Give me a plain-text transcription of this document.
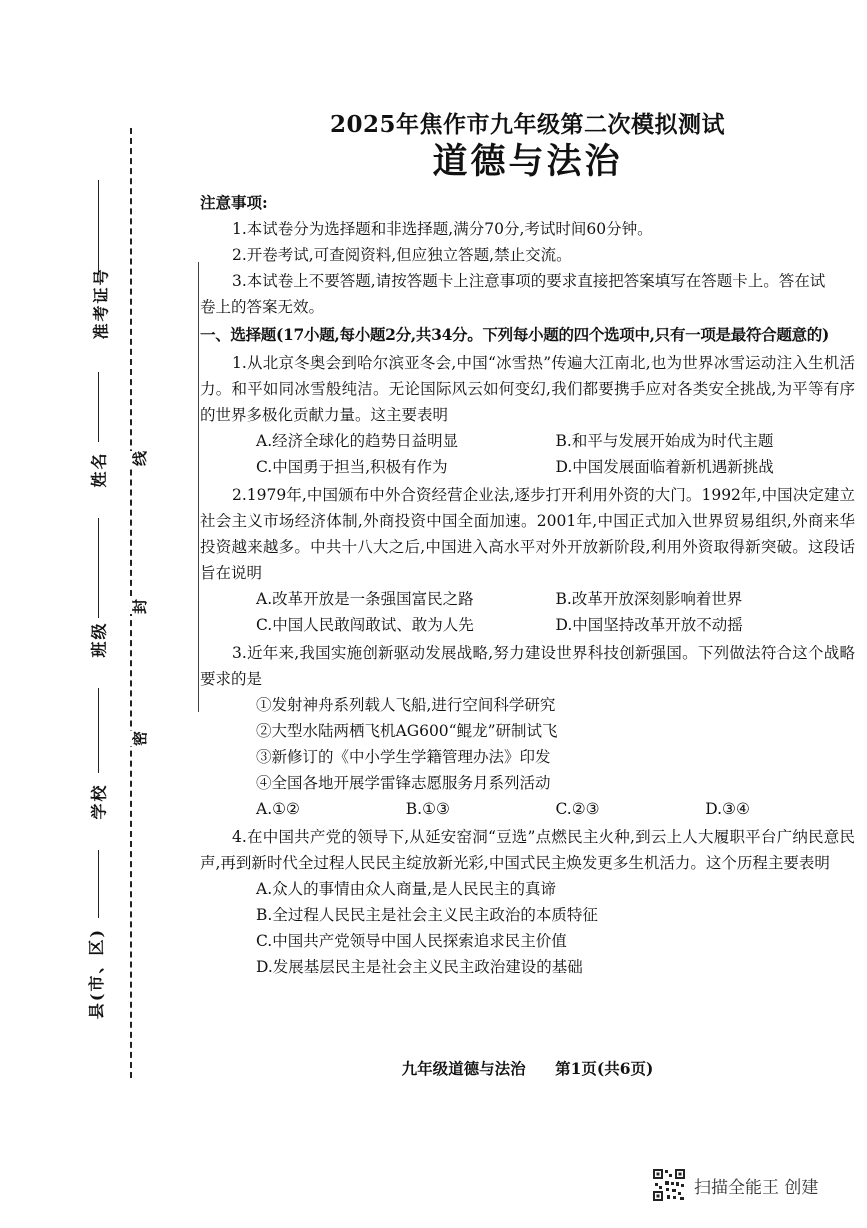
准考证号
姓名
班级
学校
县(市、区)
线
封
密
2025年焦作市九年级第二次模拟测试
道德与法治

注意事项:

1.本试卷分为选择题和非选择题,满分70分,考试时间60分钟。

2.开卷考试,可查阅资料,但应独立答题,禁止交流。

3.本试卷上不要答题,请按答题卡上注意事项的要求直接把答案填写在答题卡上。答在试

卷上的答案无效。

一、选择题(17小题,每小题2分,共34分。下列每小题的四个选项中,只有一项是最符合题意的)

1.从北京冬奥会到哈尔滨亚冬会,中国“冰雪热”传遍大江南北,也为世界冰雪运动注入生机活力。和平如同冰雪般纯洁。无论国际风云如何变幻,我们都要携手应对各类安全挑战,为平等有序的世界多极化贡献力量。这主要表明

A.经济全球化的趋势日益明显	B.和平与发展开始成为时代主题
C.中国勇于担当,积极有作为	D.中国发展面临着新机遇新挑战

2.1979年,中国颁布中外合资经营企业法,逐步打开利用外资的大门。1992年,中国决定建立社会主义市场经济体制,外商投资中国全面加速。2001年,中国正式加入世界贸易组织,外商来华投资越来越多。中共十八大之后,中国进入高水平对外开放新阶段,利用外资取得新突破。这段话旨在说明

A.改革开放是一条强国富民之路	B.改革开放深刻影响着世界
C.中国人民敢闯敢试、敢为人先	D.中国坚持改革开放不动摇

3.近年来,我国实施创新驱动发展战略,努力建设世界科技创新强国。下列做法符合这个战略要求的是

①发射神舟系列载人飞船,进行空间科学研究
②大型水陆两栖飞机AG600“鲲龙”研制试飞
③新修订的《中小学生学籍管理办法》印发
④全国各地开展学雷锋志愿服务月系列活动
A.①②	B.①③	C.②③	D.③④

4.在中国共产党的领导下,从延安窑洞“豆选”点燃民主火种,到云上人大履职平台广纳民意民声,再到新时代全过程人民民主绽放新光彩,中国式民主焕发更多生机活力。这个历程主要表明

A.众人的事情由众人商量,是人民民主的真谛
B.全过程人民民主是社会主义民主政治的本质特征
C.中国共产党领导中国人民探索追求民主价值
D.发展基层民主是社会主义民主政治建设的基础
九年级道德与法治 第1页(共6页)
扫描全能王 创建
